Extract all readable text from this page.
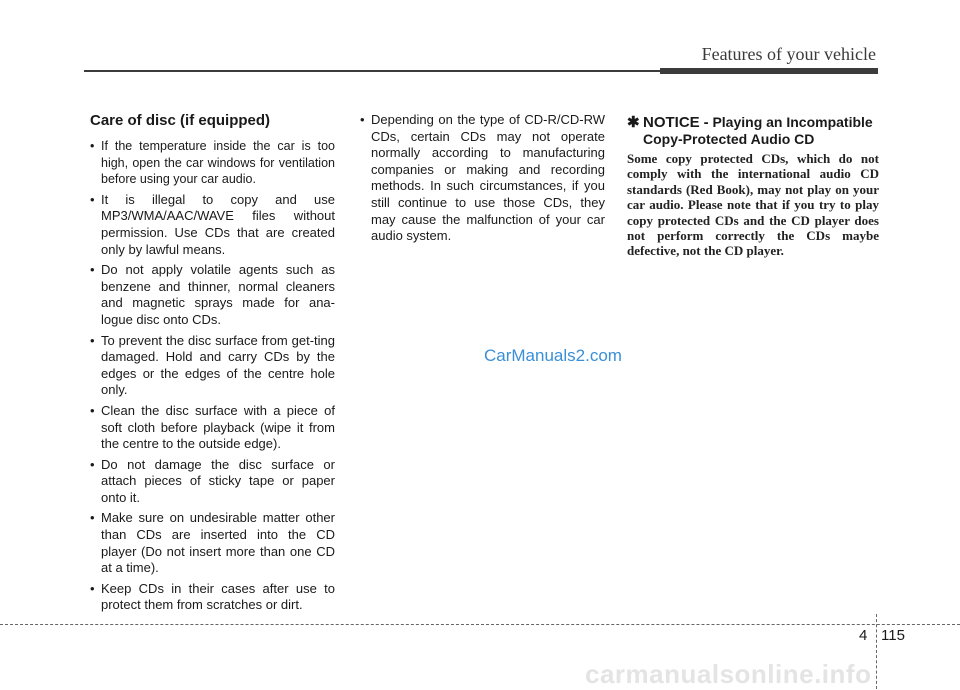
Features of your vehicle
Care of disc (if equipped)
• If the temperature inside the car is too high, open the car windows for ventilation before using your car audio.
• It is illegal to copy and use MP3/WMA/AAC/WAVE files without permission. Use CDs that are created only by lawful means.
• Do not apply volatile agents such as benzene and thinner, normal cleaners and magnetic sprays made for ana-logue disc onto CDs.
• To prevent the disc surface from get-ting damaged. Hold and carry CDs by the edges or the edges of the centre hole only.
• Clean the disc surface with a piece of soft cloth before playback (wipe it from the centre to the outside edge).
• Do not damage the disc surface or attach pieces of sticky tape or paper onto it.
• Make sure on undesirable matter other than CDs are inserted into the CD player (Do not insert more than one CD at a time).
• Keep CDs in their cases after use to protect them from scratches or dirt.
• Depending on the type of CD-R/CD-RW CDs, certain CDs may not operate normally according to manufacturing companies or making and recording methods. In such circumstances, if you still continue to use those CDs, they may cause the malfunction of your car audio system.
✱ NOTICE - Playing an Incompatible Copy-Protected Audio CD
Some copy protected CDs, which do not comply with the international audio CD standards (Red Book), may not play on your car audio. Please note that if you try to play copy protected CDs and the CD player does not perform correctly the CDs maybe defective, not the CD player.
CarManuals2.com
4 115
carmanualsonline.info
